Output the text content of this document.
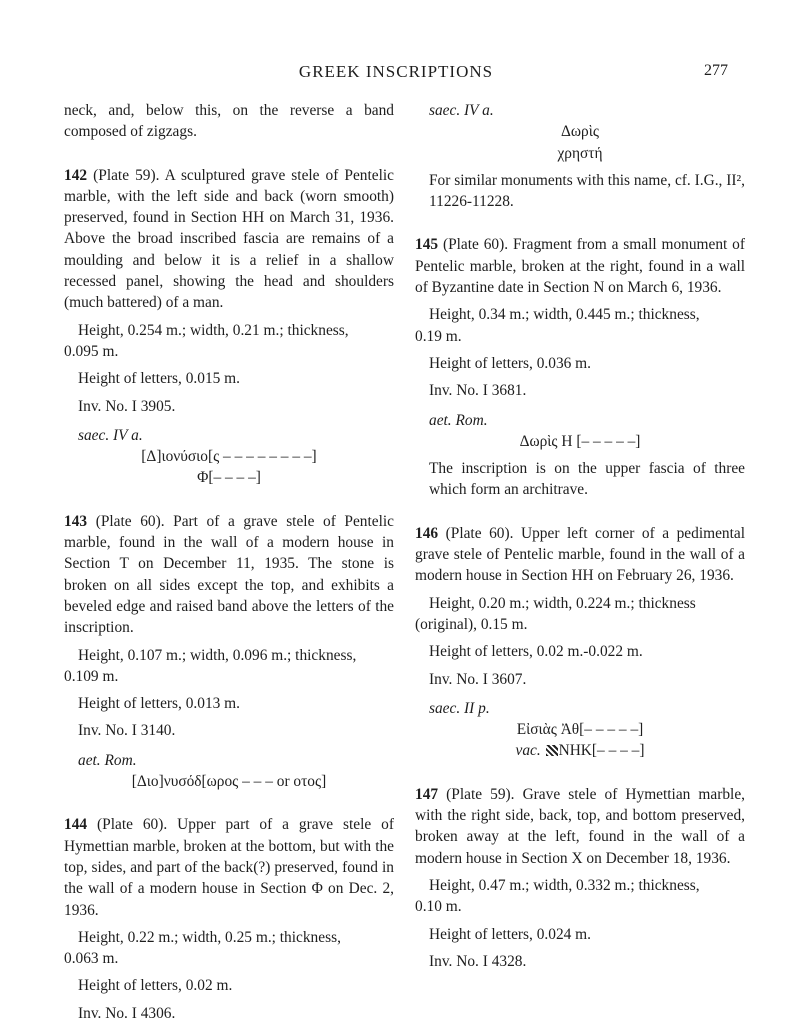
GREEK INSCRIPTIONS	277

neck, and, below this, on the reverse a band composed of zigzags.

142 (Plate 59). A sculptured grave stele of Pentelic marble, with the left side and back (worn smooth) preserved, found in Section HH on March 31, 1936. Above the broad inscribed fascia are remains of a moulding and below it is a relief in a shallow recessed panel, showing the head and shoulders (much battered) of a man.

Height, 0.254 m.; width, 0.21 m.; thickness,

0.095 m.

Height of letters, 0.015 m.

Inv. No. I 3905.

saec. IV a.

[Δ]ιονύσιο[ς – – – – – – – –]

Φ[– – – –]

143 (Plate 60). Part of a grave stele of Pentelic marble, found in the wall of a modern house in Section T on December 11, 1935. The stone is broken on all sides except the top, and exhibits a beveled edge and raised band above the letters of the inscription.

Height, 0.107 m.; width, 0.096 m.; thickness,

0.109 m.

Height of letters, 0.013 m.

Inv. No. I 3140.

aet. Rom.

[Διο]νυσόδ[ωρος – – – or οτος]

144 (Plate 60). Upper part of a grave stele of Hymettian marble, broken at the bottom, but with the top, sides, and part of the back(?) preserved, found in the wall of a modern house in Section Φ on Dec. 2, 1936.

Height, 0.22 m.; width, 0.25 m.; thickness,

0.063 m.

Height of letters, 0.02 m.

Inv. No. I 4306.

saec. IV a.

Δωρὶς

χρηστή

For similar monuments with this name, cf. I.G., II², 11226-11228.

145 (Plate 60). Fragment from a small monument of Pentelic marble, broken at the right, found in a wall of Byzantine date in Section N on March 6, 1936.

Height, 0.34 m.; width, 0.445 m.; thickness,

0.19 m.

Height of letters, 0.036 m.

Inv. No. I 3681.

aet. Rom.

Δωρὶς Η [– – – – –]

The inscription is on the upper fascia of three which form an architrave.

146 (Plate 60). Upper left corner of a pedimental grave stele of Pentelic marble, found in the wall of a modern house in Section HH on February 26, 1936.

Height, 0.20 m.; width, 0.224 m.; thickness

(original), 0.15 m.

Height of letters, 0.02 m.-0.022 m.

Inv. No. I 3607.

saec. II p.

Εἰσιὰς Ἀθ[– – – – –]

vac. ΝΗΚ[– – – –]

147 (Plate 59). Grave stele of Hymettian marble, with the right side, back, top, and bottom preserved, broken away at the left, found in the wall of a modern house in Section X on December 18, 1936.

Height, 0.47 m.; width, 0.332 m.; thickness,

0.10 m.

Height of letters, 0.024 m.

Inv. No. I 4328.
